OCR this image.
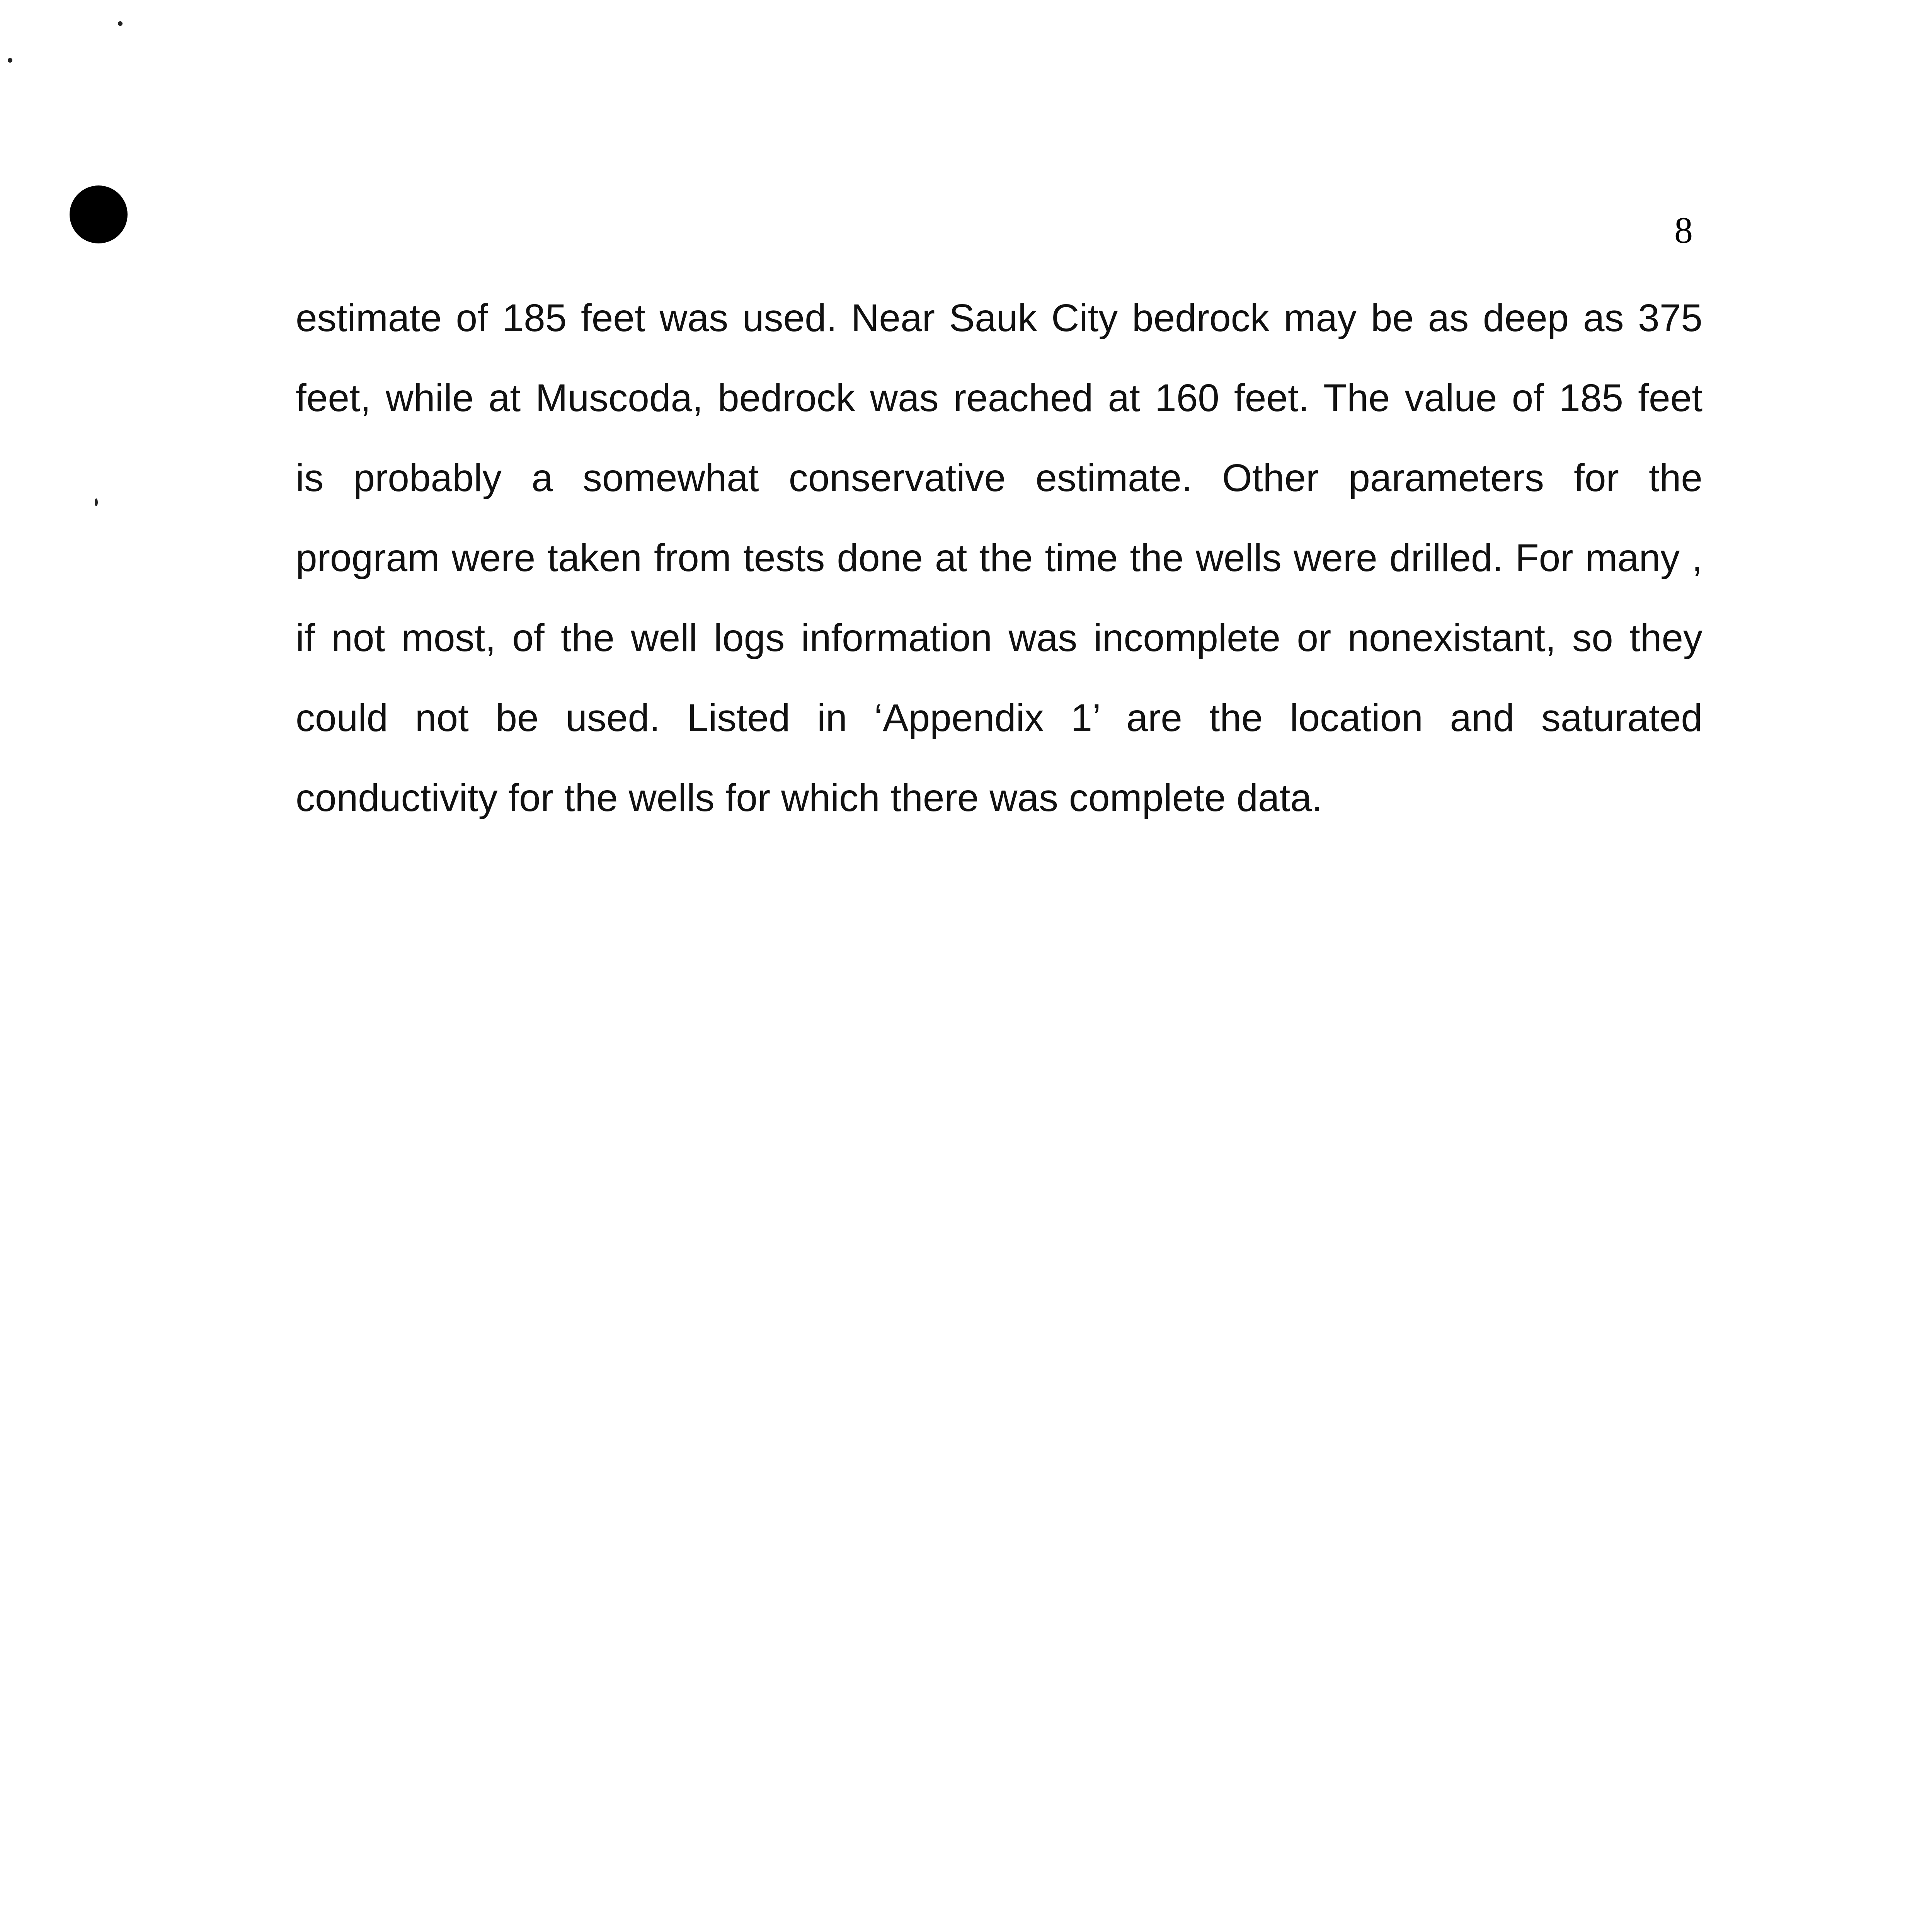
8

estimate of 185 feet was used. Near Sauk City bedrock may be as deep as 375
feet, while at Muscoda, bedrock was reached at 160 feet. The value of 185 feet
is probably a somewhat conservative estimate. Other parameters for the
program were taken from tests done at the time the wells were drilled. For many ,
if not most, of the well logs information was incomplete or nonexistant, so they
could not be used. Listed in ‘Appendix 1’ are the location and saturated
conductivity for the wells for which there was complete data.
